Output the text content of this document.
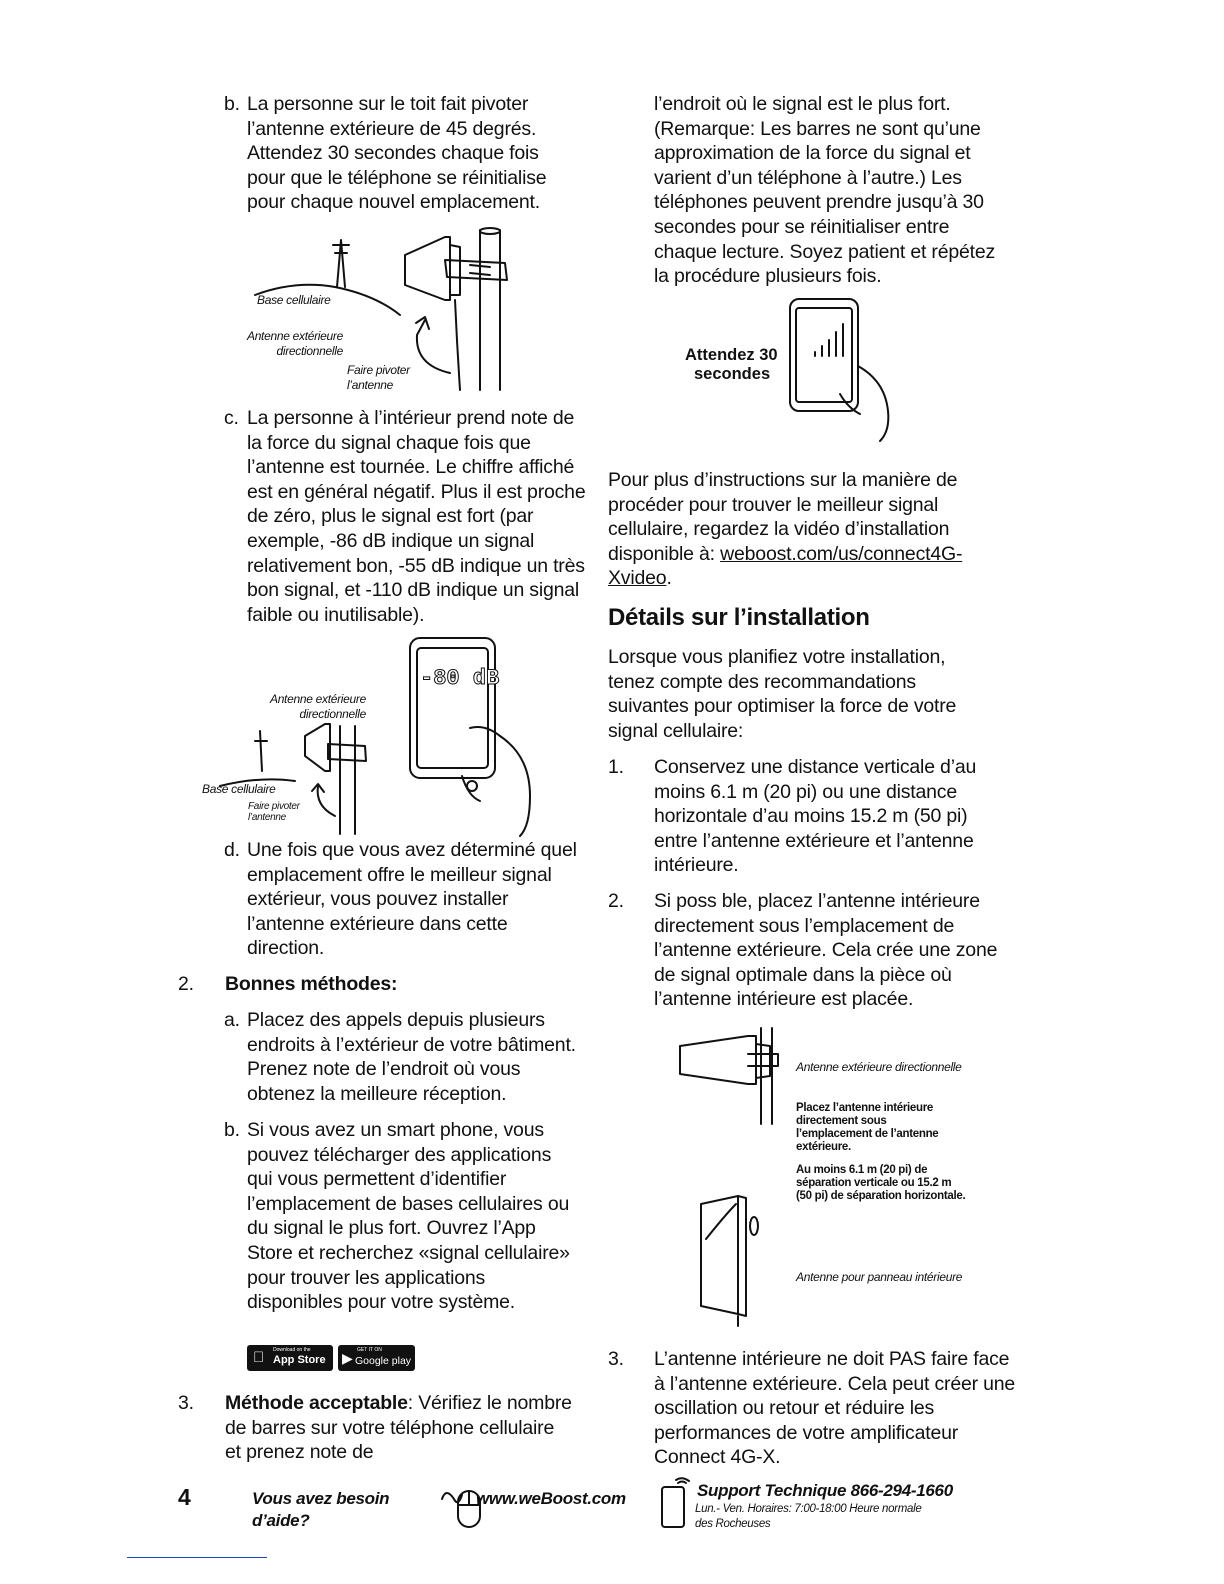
b. La personne sur le toit fait pivoter l’antenne extérieure de 45 degrés. Attendez 30 secondes chaque fois pour que le téléphone se réinitialise pour chaque nouvel emplacement.
Base cellulaire
Antenne extérieure directionnelle
Faire pivoter l’antenne
c. La personne à l’intérieur prend note de la force du signal chaque fois que l’antenne est tournée. Le chiffre affiché est en général négatif. Plus il est proche de zéro, plus le signal est fort (par exemple, -86 dB indique un signal relativement bon, -55 dB indique un très bon signal, et -110 dB indique un signal faible ou inutilisable).
-80 dB
Antenne extérieure directionnelle
Base cellulaire
Faire pivoter l’antenne
d. Une fois que vous avez déterminé quel emplacement offre le meilleur signal extérieur, vous pouvez installer l’antenne extérieure dans cette direction.
2. Bonnes méthodes:
a. Placez des appels depuis plusieurs endroits à l’extérieur de votre bâtiment. Prenez note de l’endroit où vous obtenez la meilleure réception.
b. Si vous avez un smart phone, vous pouvez télécharger des applications qui vous permettent d’identifier l’emplacement de bases cellulaires ou du signal le plus fort. Ouvrez l’App Store et recherchez «signal cellulaire» pour trouver les applications disponibles pour votre système.
Download on the
App Store ▶ GET IT ON
Google play
3. Méthode acceptable: Vérifiez le nombre de barres sur votre téléphone cellulaire et prenez note de
l’endroit où le signal est le plus fort. (Remarque: Les barres ne sont qu’une approximation de la force du signal et varient d’un téléphone à l’autre.) Les téléphones peuvent prendre jusqu’à 30 secondes pour se réinitialiser entre chaque lecture. Soyez patient et répétez la procédure plusieurs fois.
Attendez 30
secondes
Pour plus d’instructions sur la manière de procéder pour trouver le meilleur signal cellulaire, regardez la vidéo d’installation disponible à: weboost.com/us/connect4G-Xvideo.
Détails sur l’installation
Lorsque vous planifiez votre installation, tenez compte des recommandations suivantes pour optimiser la force de votre signal cellulaire:
1. Conservez une distance verticale d’au moins 6.1 m (20 pi) ou une distance horizontale d’au moins 15.2 m (50 pi) entre l’antenne extérieure et l’antenne intérieure.
2. Si poss ble, placez l’antenne intérieure directement sous l’emplacement de l’antenne extérieure. Cela crée une zone de signal optimale dans la pièce où l’antenne intérieure est placée.
Antenne extérieure directionnelle
Placez l’antenne intérieure directement sous l’emplacement de l’antenne extérieure.
Au moins 6.1 m (20 pi) de séparation verticale ou 15.2 m (50 pi) de séparation horizontale.
Antenne pour panneau intérieure
3. L’antenne intérieure ne doit PAS faire face à l’antenne extérieure. Cela peut créer une oscillation ou retour et réduire les performances de votre amplificateur Connect 4G-X.
4	Vous avez besoin
d’aide?
www.weBoost.com	Support Technique 866-294-1660
Lun.- Ven. Horaires: 7:00-18:00 Heure normale
des Rocheuses
